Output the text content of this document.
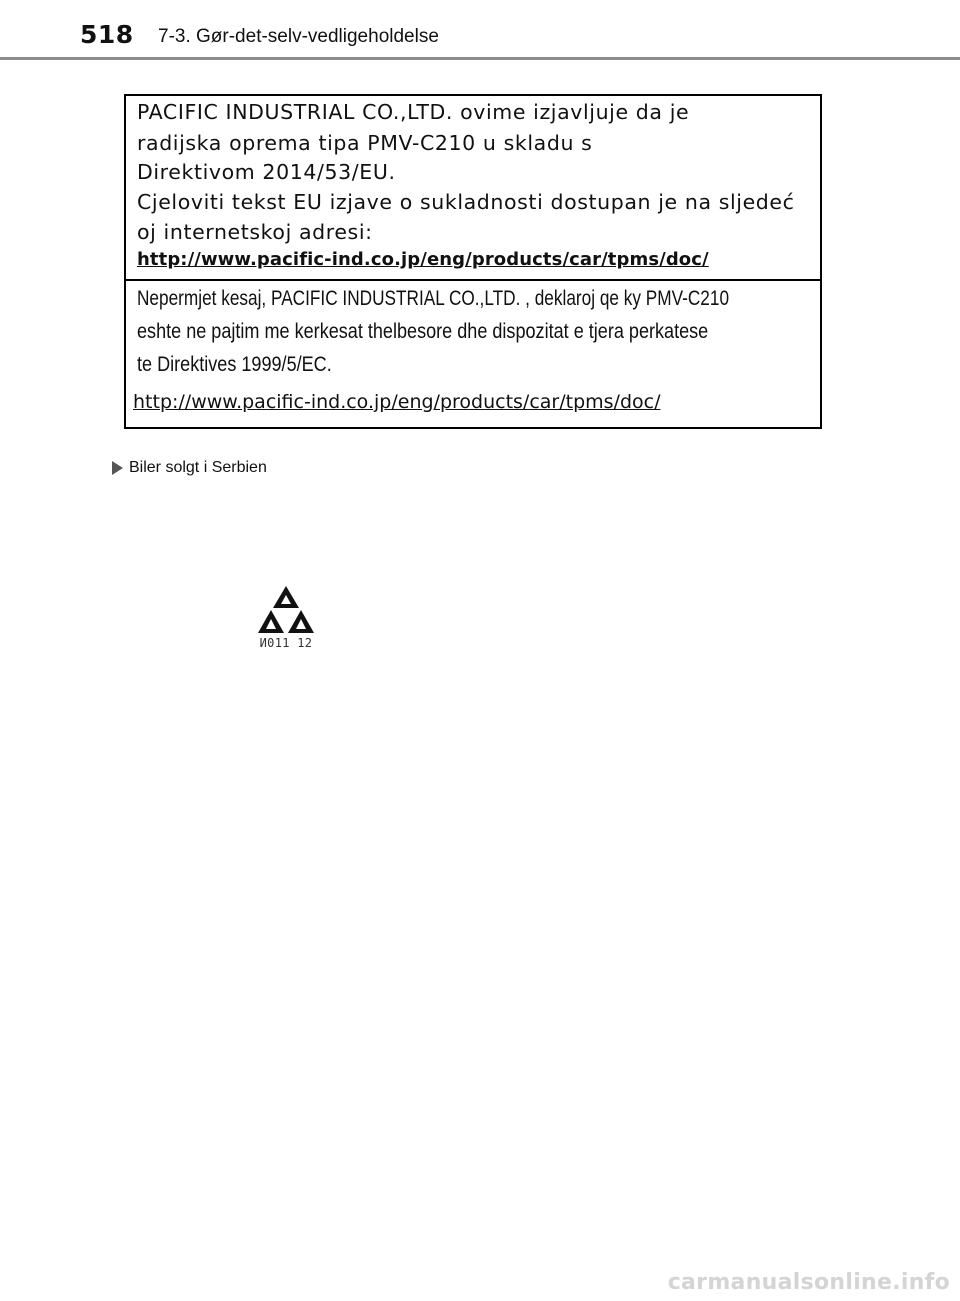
518 7-3. Gør-det-selv-vedligeholdelse
PACIFIC INDUSTRIAL CO.,LTD. ovime izjavljuje da je
radijska oprema tipa PMV-C210 u skladu s
Direktivom 2014/53/EU.
Cjeloviti tekst EU izjave o sukladnosti dostupan je na sljedeć
oj internetskoj adresi:
http://www.pacific-ind.co.jp/eng/products/car/tpms/doc/
Nepermjet kesaj, PACIFIC INDUSTRIAL CO.,LTD. , deklaroj qe ky PMV-C210
eshte ne pajtim me kerkesat thelbesore dhe dispozitat e tjera perkatese
te Direktives 1999/5/EC.
http://www.pacific-ind.co.jp/eng/products/car/tpms/doc/
Biler solgt i Serbien
И011 12
carmanualsonline.info
